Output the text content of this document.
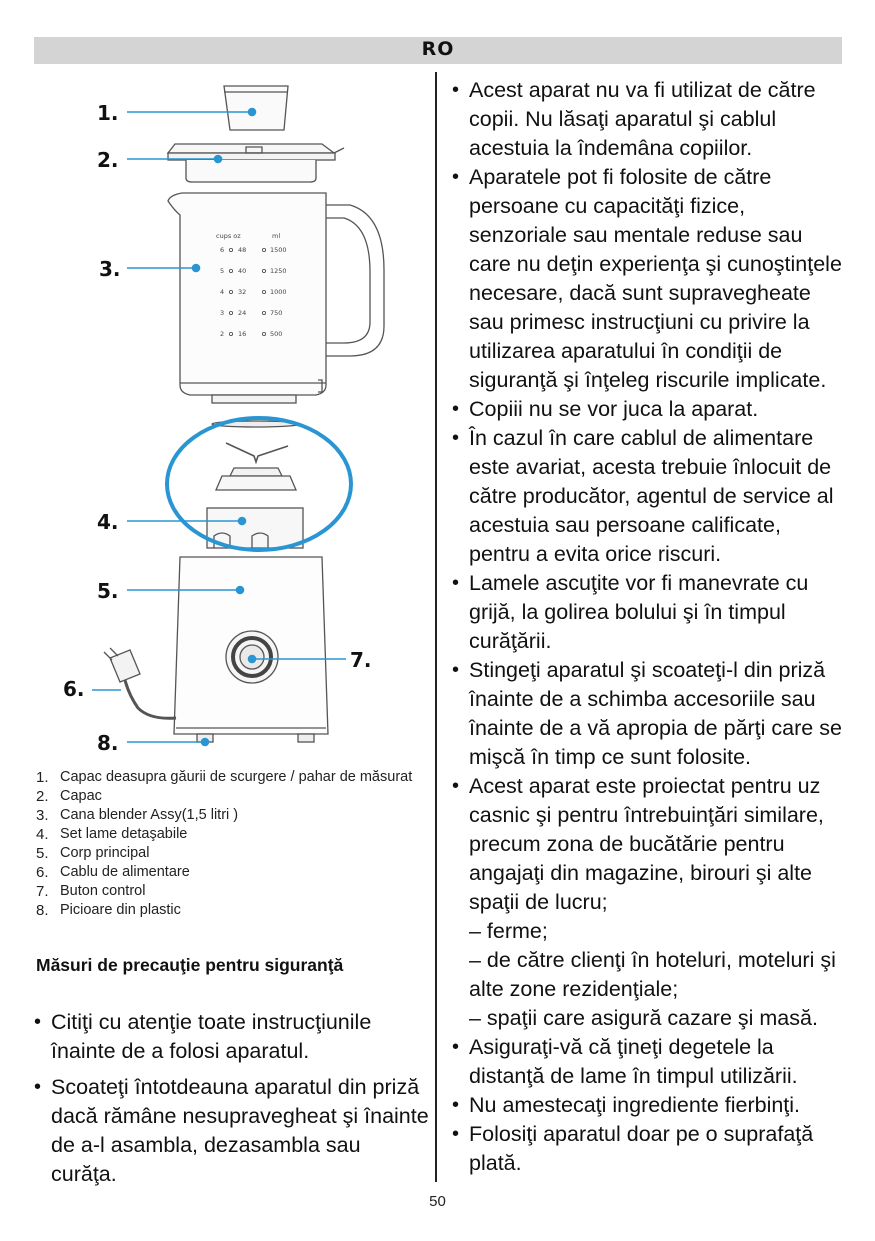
RO
cups oz	ml
6 48	1500
5 40	1250
4 32	1000
3 24	750
2 16	500
1.
2.
3.
4.
5.
6.
7.
8.
1. Capac deasupra găurii de scurgere / pahar de măsurat
2. Capac
3. Cana blender Assy(1,5 litri )
4. Set lame detaşabile
5. Corp principal
6. Cablu de alimentare
7. Buton control
8. Picioare din plastic
Măsuri de precauţie pentru siguranţă
• Citiţi cu atenţie toate instrucţiunile înainte de a folosi aparatul.
• Scoateţi întotdeauna aparatul din priză dacă rămâne nesupravegheat şi înainte de a-l asambla, dezasambla sau curăţa.
• Acest aparat nu va fi utilizat de către copii. Nu lăsaţi aparatul şi cablul acestuia la îndemâna copiilor.
• Aparatele pot fi folosite de către persoane cu capacităţi fizice, senzoriale sau mentale reduse sau care nu deţin experienţa şi cunoştinţele necesare, dacă sunt supravegheate sau primesc instrucţiuni cu privire la utilizarea aparatului în condiţii de siguranţă şi înţeleg riscurile implicate.
• Copiii nu se vor juca la aparat.
• În cazul în care cablul de alimentare este avariat, acesta trebuie înlocuit de către producător, agentul de service al acestuia sau persoane calificate, pentru a evita orice riscuri.
• Lamele ascuţite vor fi manevrate cu grijă, la golirea bolului şi în timpul curăţării.
• Stingeţi aparatul şi scoateţi-l din priză înainte de a schimba accesoriile sau înainte de a vă apropia de părţi care se mişcă în timp ce sunt folosite.
• Acest aparat este proiectat pentru uz casnic şi pentru întrebuinţări similare, precum zona de bucătărie pentru angajaţi din magazine, birouri şi alte spaţii de lucru;
– ferme;
– de către clienţi în hoteluri, moteluri şi alte zone rezidenţiale;
– spaţii care asigură cazare şi masă.
• Asiguraţi-vă că ţineţi degetele la distanţă de lame în timpul utilizării.
• Nu amestecaţi ingrediente fierbinţi.
• Folosiţi aparatul doar pe o suprafaţă plată.
50
